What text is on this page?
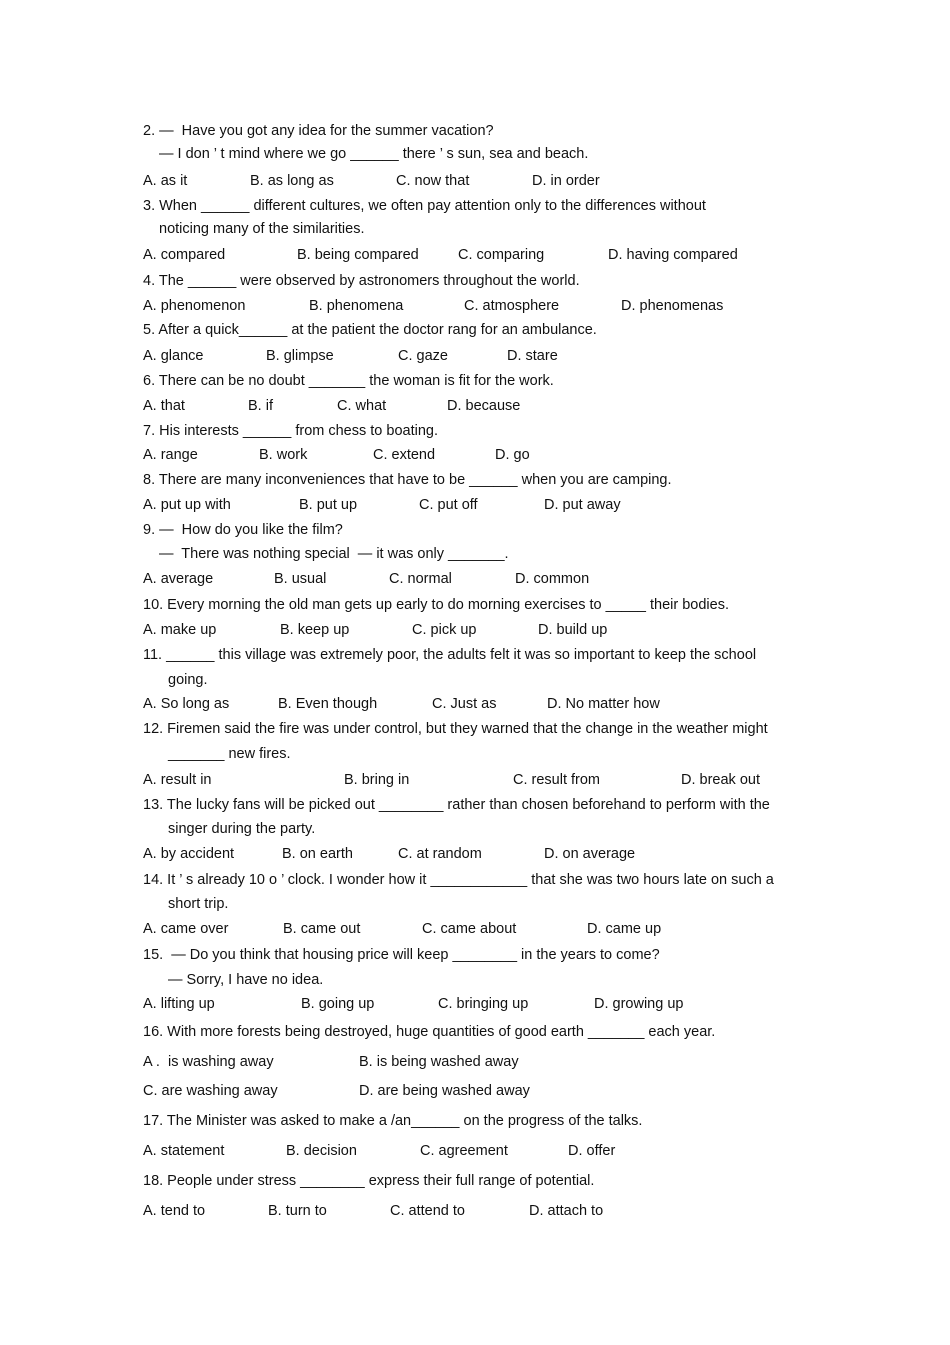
2. —  Have you got any idea for the summer vacation?
— I don ’ t mind where we go ______ there ’ s sun, sea and beach.
A. as it	B. as long as	C. now that	D. in order
3. When ______ different cultures, we often pay attention only to the differences without
noticing many of the similarities.
A. compared	B. being compared	C. comparing	D. having compared
4. The ______ were observed by astronomers throughout the world.
A. phenomenon	B. phenomena	C. atmosphere	D. phenomenas
5. After a quick______ at the patient the doctor rang for an ambulance.
A. glance	B. glimpse	C. gaze	D. stare
6. There can be no doubt _______ the woman is fit for the work.
A. that	B. if	C. what	D. because
7. His interests ______ from chess to boating.
A. range	B. work	C. extend	D. go
8. There are many inconveniences that have to be ______ when you are camping.
A. put up with	B. put up	C. put off	D. put away
9. —  How do you like the film?
—  There was nothing special  — it was only _______.
A. average	B. usual	C. normal	D. common
10. Every morning the old man gets up early to do morning exercises to _____ their bodies.
A. make up	B. keep up	C. pick up	D. build up
11. ______ this village was extremely poor, the adults felt it was so important to keep the school
going.
A. So long as	B. Even though	C. Just as	D. No matter how
12. Firemen said the fire was under control, but they warned that the change in the weather might
_______ new fires.
A. result in	B. bring in	C. result from	D. break out
13. The lucky fans will be picked out ________ rather than chosen beforehand to perform with the
singer during the party.
A. by accident	B. on earth	C. at random	D. on average
14. It ’ s already 10 o ’ clock. I wonder how it ____________ that she was two hours late on such a
short trip.
A. came over	B. came out	C. came about	D. came up
15.  — Do you think that housing price will keep ________ in the years to come?
— Sorry, I have no idea.
A. lifting up	B. going up	C. bringing up	D. growing up
16. With more forests being destroyed, huge quantities of good earth _______ each year.
A .  is washing away	B. is being washed away
C. are washing away	D. are being washed away
17. The Minister was asked to make a /an______ on the progress of the talks.
A. statement	B. decision	C. agreement	D. offer
18. People under stress ________ express their full range of potential.
A. tend to	B. turn to	C. attend to	D. attach to
